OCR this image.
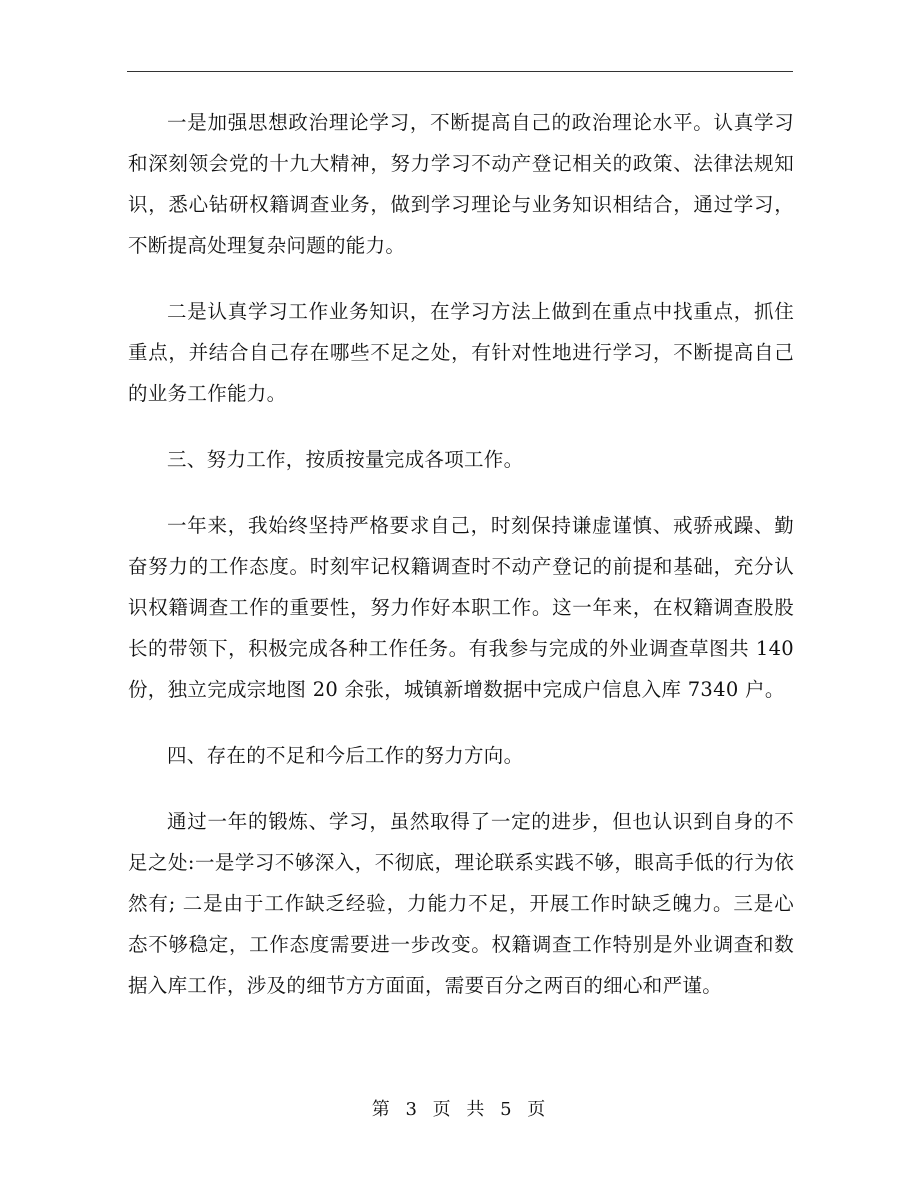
一是加强思想政治理论学习，不断提高自己的政治理论水平。认真学习和深刻领会党的十九大精神，努力学习不动产登记相关的政策、法律法规知识，悉心钻研权籍调查业务，做到学习理论与业务知识相结合，通过学习，不断提高处理复杂问题的能力。

二是认真学习工作业务知识，在学习方法上做到在重点中找重点，抓住重点，并结合自己存在哪些不足之处，有针对性地进行学习，不断提高自己的业务工作能力。

三、努力工作，按质按量完成各项工作。

一年来，我始终坚持严格要求自己，时刻保持谦虚谨慎、戒骄戒躁、勤奋努力的工作态度。时刻牢记权籍调查时不动产登记的前提和基础，充分认识权籍调查工作的重要性，努力作好本职工作。这一年来，在权籍调查股股长的带领下，积极完成各种工作任务。有我参与完成的外业调查草图共 140 份，独立完成宗地图 20 余张，城镇新增数据中完成户信息入库 7340 户。

四、存在的不足和今后工作的努力方向。

通过一年的锻炼、学习，虽然取得了一定的进步，但也认识到自身的不足之处:一是学习不够深入，不彻底，理论联系实践不够，眼高手低的行为依然有; 二是由于工作缺乏经验，力能力不足，开展工作时缺乏魄力。三是心态不够稳定，工作态度需要进一步改变。权籍调查工作特别是外业调查和数据入库工作，涉及的细节方方面面，需要百分之两百的细心和严谨。

第 3 页 共 5 页
